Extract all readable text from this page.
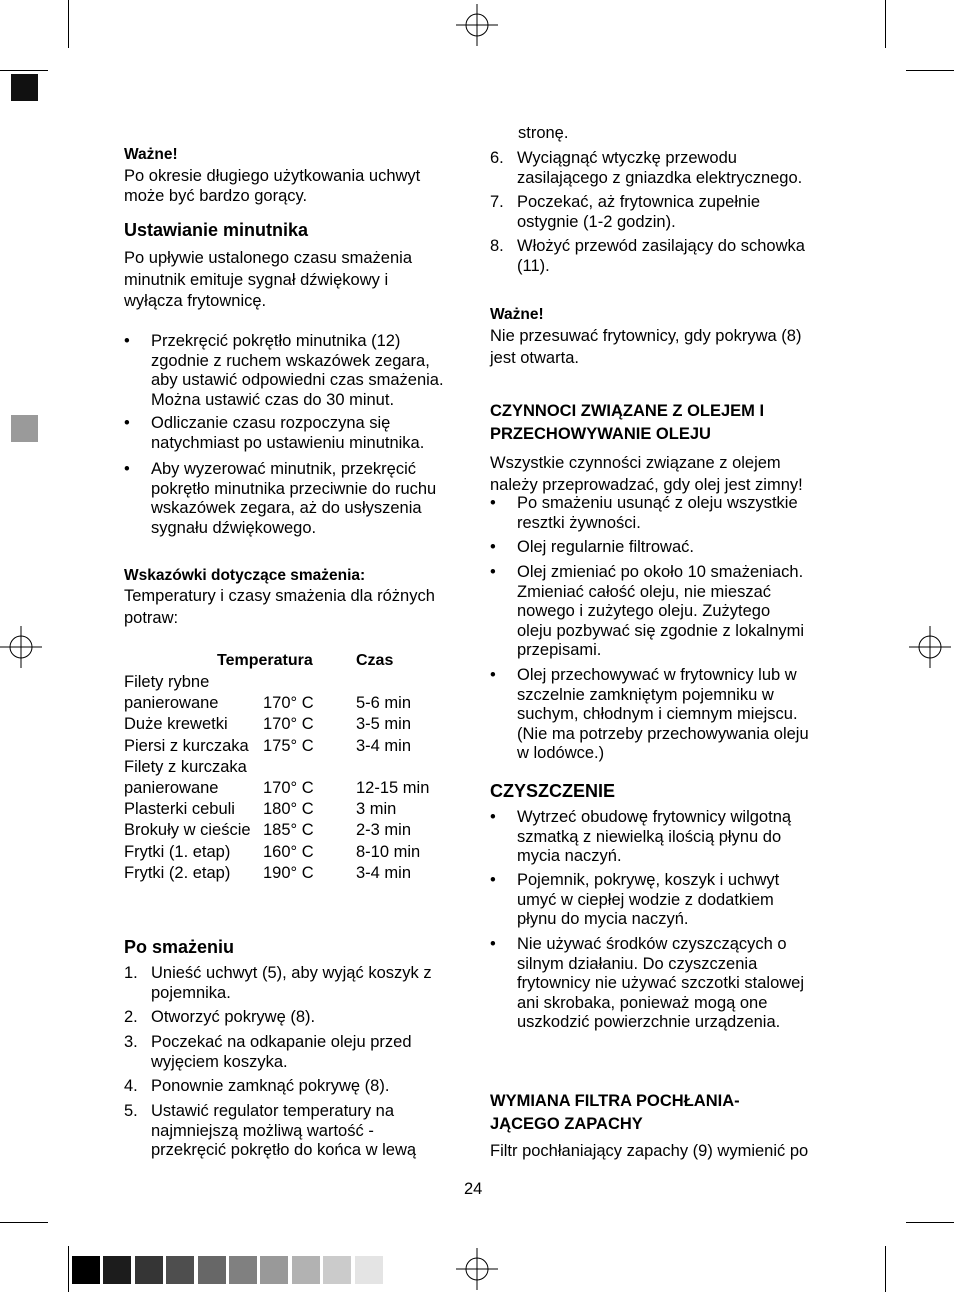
Ważne!
Po okresie długiego użytkowania uchwyt
może być bardzo gorący.
Ustawianie minutnika
Po upływie ustalonego czasu smażenia
minutnik emituje sygnał dźwiękowy i
wyłącza frytownicę.
• Przekręcić pokrętło minutnika (12)
zgodnie z ruchem wskazówek zegara,
aby ustawić odpowiedni czas smażenia.
Można ustawić czas do 30 minut.
• Odliczanie czasu rozpoczyna się
natychmiast po ustawieniu minutnika.
• Aby wyzerować minutnik, przekręcić
pokrętło minutnika przeciwnie do ruchu
wskazówek zegara, aż do usłyszenia
sygnału dźwiękowego.
Wskazówki dotyczące smażenia:
Temperatury i czasy smażenia dla różnych
potraw:
Temperatura	Czas
Filety rybne
panierowane	170° C	5-6 min
Duże krewetki 170° C	3-5 min
Piersi z kurczaka 175° C	3-4 min
Filety z kurczaka
panierowane	170° C	12-15 min
Plasterki cebuli 180° C	3 min
Brokuły w cieście 185° C	2-3 min
Frytki (1. etap) 160° C	8-10 min
Frytki (2. etap) 190° C	3-4 min
Po smażeniu
1. Unieść uchwyt (5), aby wyjąć koszyk z
pojemnika.
2. Otworzyć pokrywę (8).
3. Poczekać na odkapanie oleju przed
wyjęciem koszyka.
4. Ponownie zamknąć pokrywę (8).
5. Ustawić regulator temperatury na
najmniejszą możliwą wartość -
przekręcić pokrętło do końca w lewą
stronę.
6. Wyciągnąć wtyczkę przewodu
zasilającego z gniazdka elektrycznego.
7. Poczekać, aż frytownica zupełnie
ostygnie (1-2 godzin).
8. Włożyć przewód zasilający do schowka
(11).
Ważne!
Nie przesuwać frytownicy, gdy pokrywa (8)
jest otwarta.
CZYNNOCI ZWIĄZANE Z OLEJEM I
PRZECHOWYWANIE OLEJU
Wszystkie czynności związane z olejem
należy przeprowadzać, gdy olej jest zimny!
• Po smażeniu usunąć z oleju wszystkie
resztki żywności.
• Olej regularnie filtrować.
• Olej zmieniać po około 10 smażeniach.
Zmieniać całość oleju, nie mieszać
nowego i zużytego oleju. Zużytego
oleju pozbywać się zgodnie z lokalnymi
przepisami.
• Olej przechowywać w frytownicy lub w
szczelnie zamkniętym pojemniku w
suchym, chłodnym i ciemnym miejscu.
(Nie ma potrzeby przechowywania oleju
w lodówce.)
CZYSZCZENIE
• Wytrzeć obudowę frytownicy wilgotną
szmatką z niewielką ilością płynu do
mycia naczyń.
• Pojemnik, pokrywę, koszyk i uchwyt
umyć w ciepłej wodzie z dodatkiem
płynu do mycia naczyń.
• Nie używać środków czyszczących o
silnym działaniu. Do czyszczenia
frytownicy nie używać szczotki stalowej
ani skrobaka, ponieważ mogą one
uszkodzić powierzchnie urządzenia.
WYMIANA FILTRA POCHŁANIA-
JĄCEGO ZAPACHY
Filtr pochłaniający zapachy (9) wymienić po
24
